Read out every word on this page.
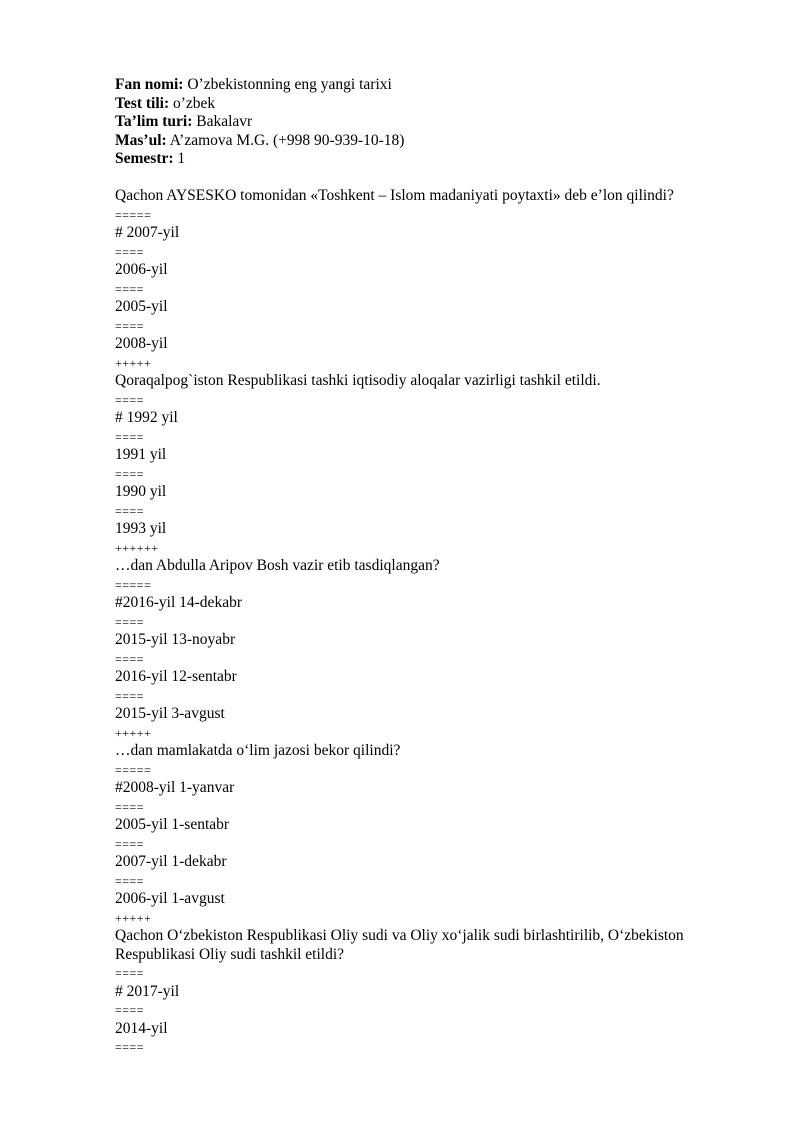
Fan nomi: O’zbekistonning eng yangi tarixi
Test tili: o’zbek
Ta’lim turi: Bakalavr
Mas’ul: A’zamova M.G. (+998 90-939-10-18)
Semestr: 1
Qachon AYSESKO tomonidan «Toshkent – Islom madaniyati poytaxti» deb e’lon qilindi?
=====
# 2007-yil
====
2006-yil
====
2005-yil
====
2008-yil
+++++
Qoraqalpog`iston Respublikasi tashki iqtisodiy aloqalar vazirligi tashkil etildi.
====
# 1992 yil
====
1991 yil
====
1990 yil
====
1993 yil
++++++
…dan Abdulla Aripov Bosh vazir etib tasdiqlangan?
=====
#2016-yil 14-dekabr
====
2015-yil 13-noyabr
====
2016-yil 12-sentabr
====
2015-yil 3-avgust
+++++
…dan mamlakatda o‘lim jazosi bekor qilindi?
=====
#2008-yil 1-yanvar
====
2005-yil 1-sentabr
====
2007-yil 1-dekabr
====
2006-yil 1-avgust
+++++
Qachon O‘zbekiston Respublikasi Oliy sudi va Oliy xo‘jalik sudi birlashtirilib, O‘zbekiston Respublikasi Oliy sudi tashkil etildi?
====
# 2017-yil
====
2014-yil
====
